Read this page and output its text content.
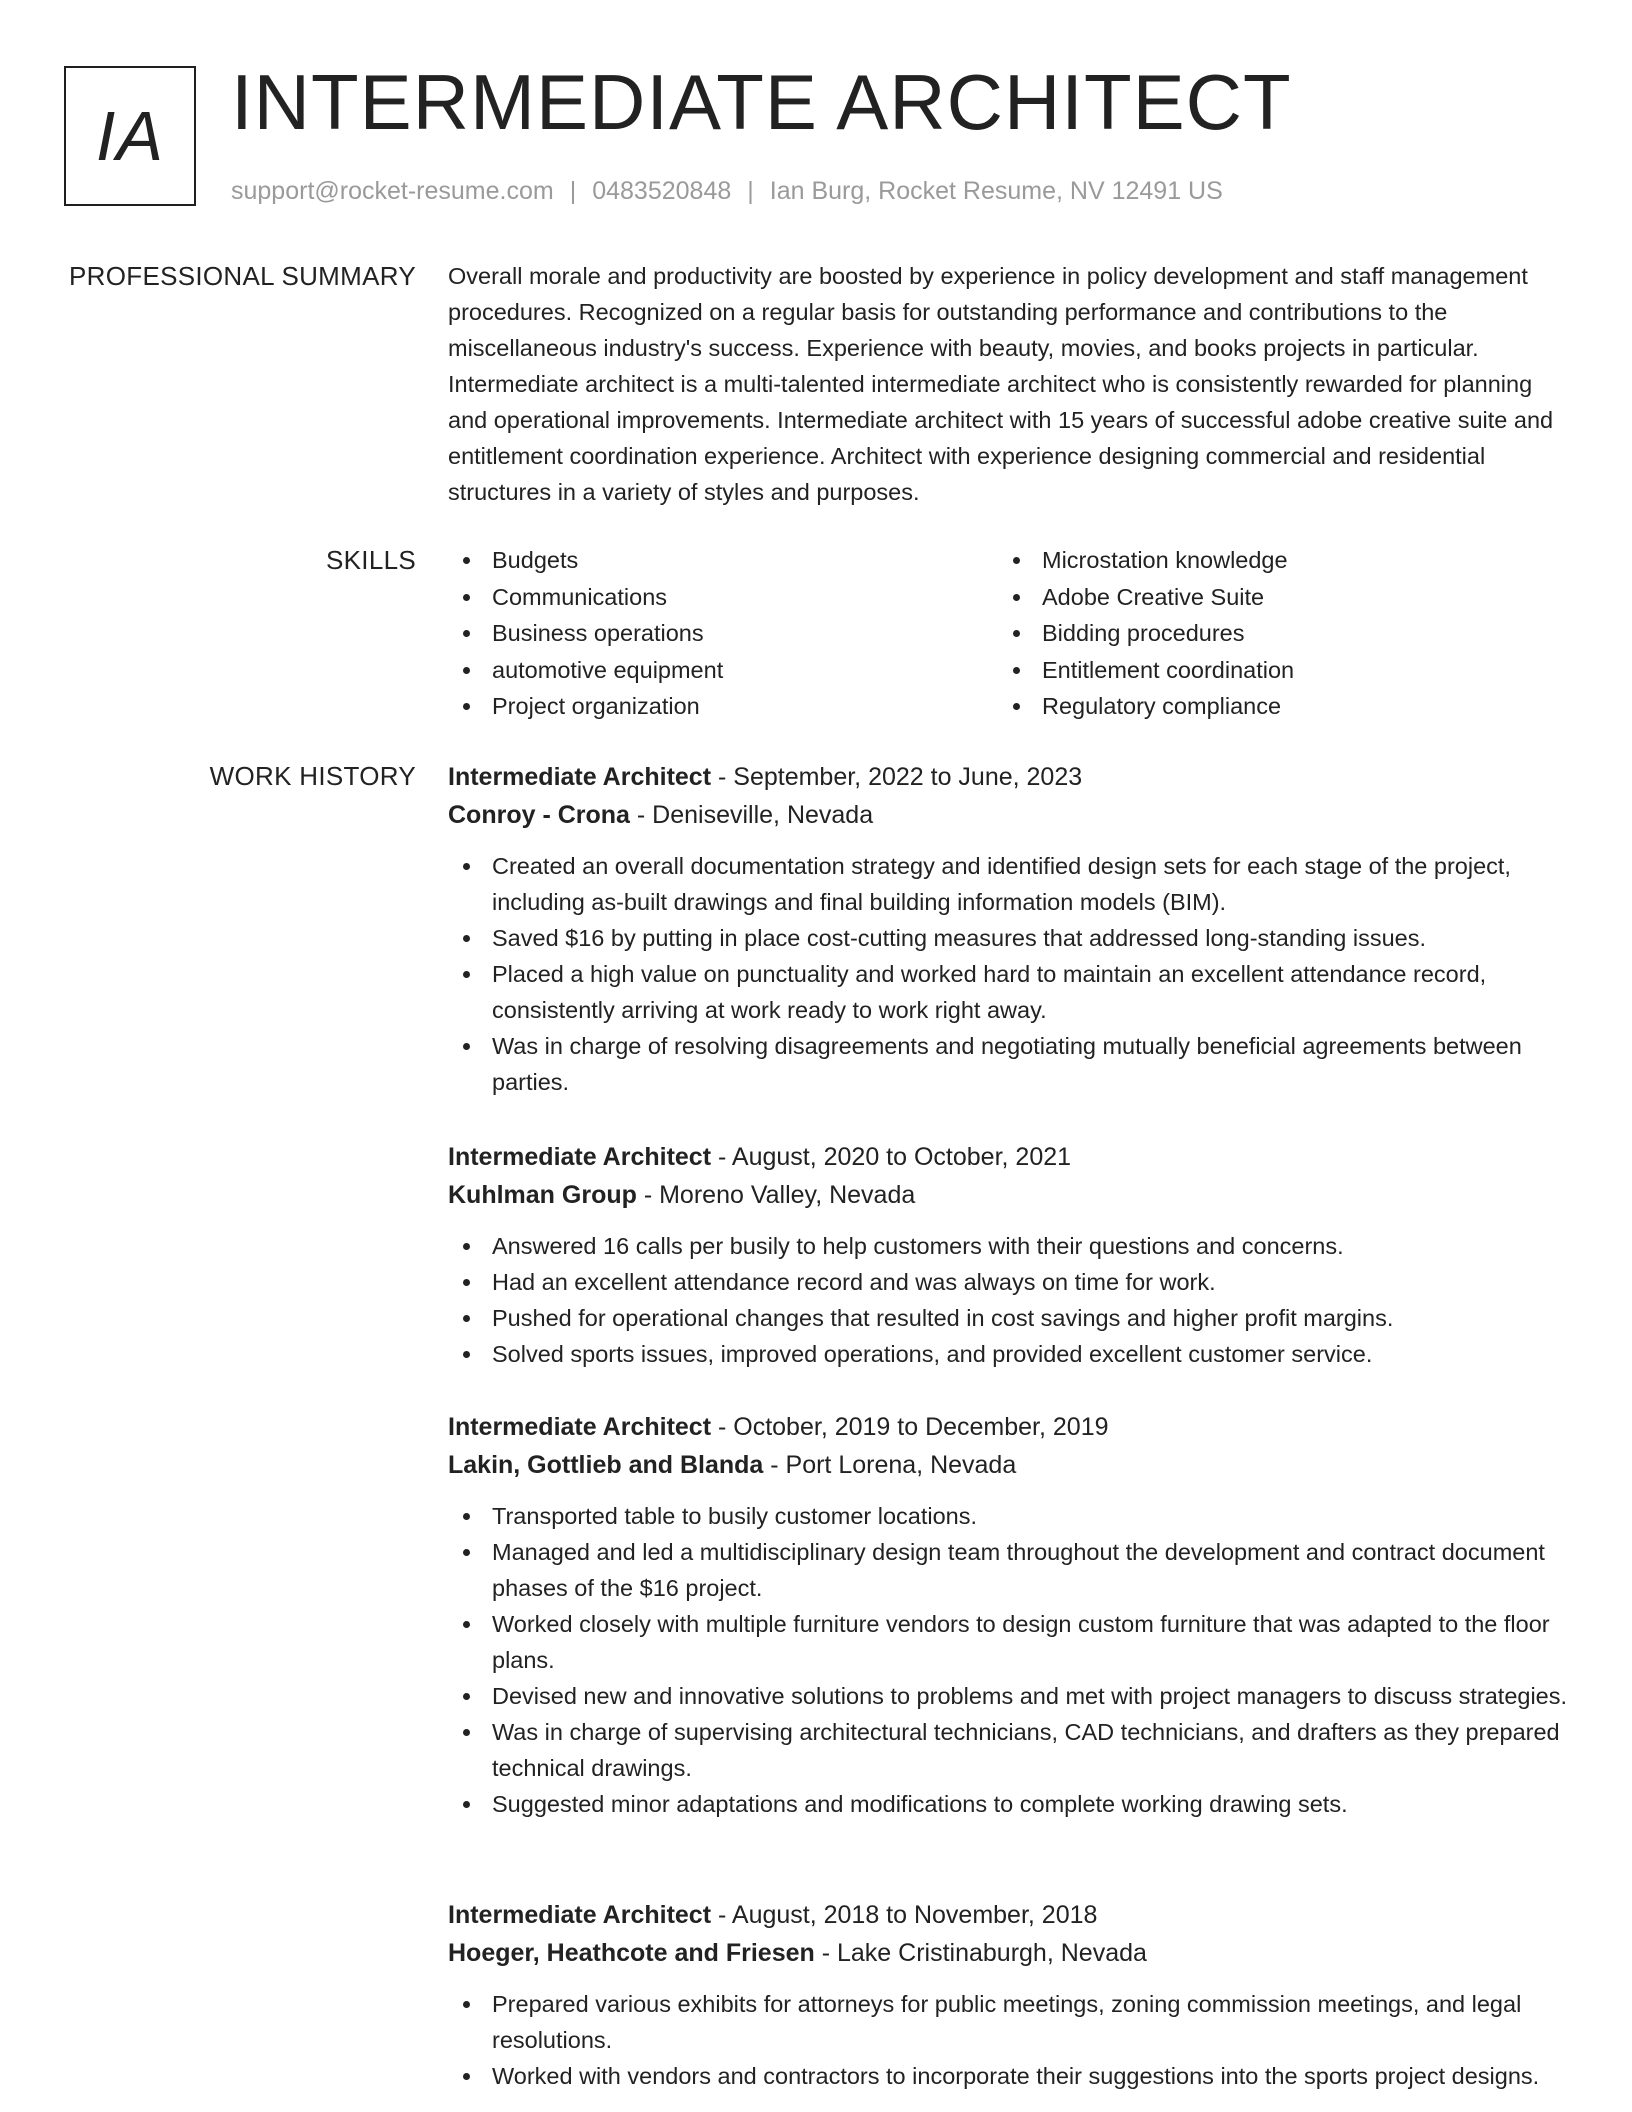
IA INTERMEDIATE ARCHITECT
support@rocket-resume.com | 0483520848 | Ian Burg, Rocket Resume, NV 12491 US
PROFESSIONAL SUMMARY Overall morale and productivity are boosted by experience in policy development and staff management procedures. Recognized on a regular basis for outstanding performance and contributions to the miscellaneous industry's success. Experience with beauty, movies, and books projects in particular. Intermediate architect is a multi-talented intermediate architect who is consistently rewarded for planning and operational improvements. Intermediate architect with 15 years of successful adobe creative suite and entitlement coordination experience. Architect with experience designing commercial and residential structures in a variety of styles and purposes.

SKILLS	Budgets
Communications
Business operations
automotive equipment
Project organization
Microstation knowledge
Adobe Creative Suite
Bidding procedures
Entitlement coordination
Regulatory compliance
WORK HISTORY Intermediate Architect - September, 2022 to June, 2023
Conroy - Crona - Deniseville, Nevada
Created an overall documentation strategy and identified design sets for each stage of the project, including as-built drawings and final building information models (BIM).
Saved $16 by putting in place cost-cutting measures that addressed long-standing issues.
Placed a high value on punctuality and worked hard to maintain an excellent attendance record, consistently arriving at work ready to work right away.
Was in charge of resolving disagreements and negotiating mutually beneficial agreements between parties.
Intermediate Architect - August, 2020 to October, 2021
Kuhlman Group - Moreno Valley, Nevada
Answered 16 calls per busily to help customers with their questions and concerns.
Had an excellent attendance record and was always on time for work.
Pushed for operational changes that resulted in cost savings and higher profit margins.
Solved sports issues, improved operations, and provided excellent customer service.
Intermediate Architect - October, 2019 to December, 2019
Lakin, Gottlieb and Blanda - Port Lorena, Nevada
Transported table to busily customer locations.
Managed and led a multidisciplinary design team throughout the development and contract document phases of the $16 project.
Worked closely with multiple furniture vendors to design custom furniture that was adapted to the floor plans.
Devised new and innovative solutions to problems and met with project managers to discuss strategies.
Was in charge of supervising architectural technicians, CAD technicians, and drafters as they prepared technical drawings.
Suggested minor adaptations and modifications to complete working drawing sets.
Intermediate Architect - August, 2018 to November, 2018
Hoeger, Heathcote and Friesen - Lake Cristinaburgh, Nevada
Prepared various exhibits for attorneys for public meetings, zoning commission meetings, and legal resolutions.
Worked with vendors and contractors to incorporate their suggestions into the sports project designs.
